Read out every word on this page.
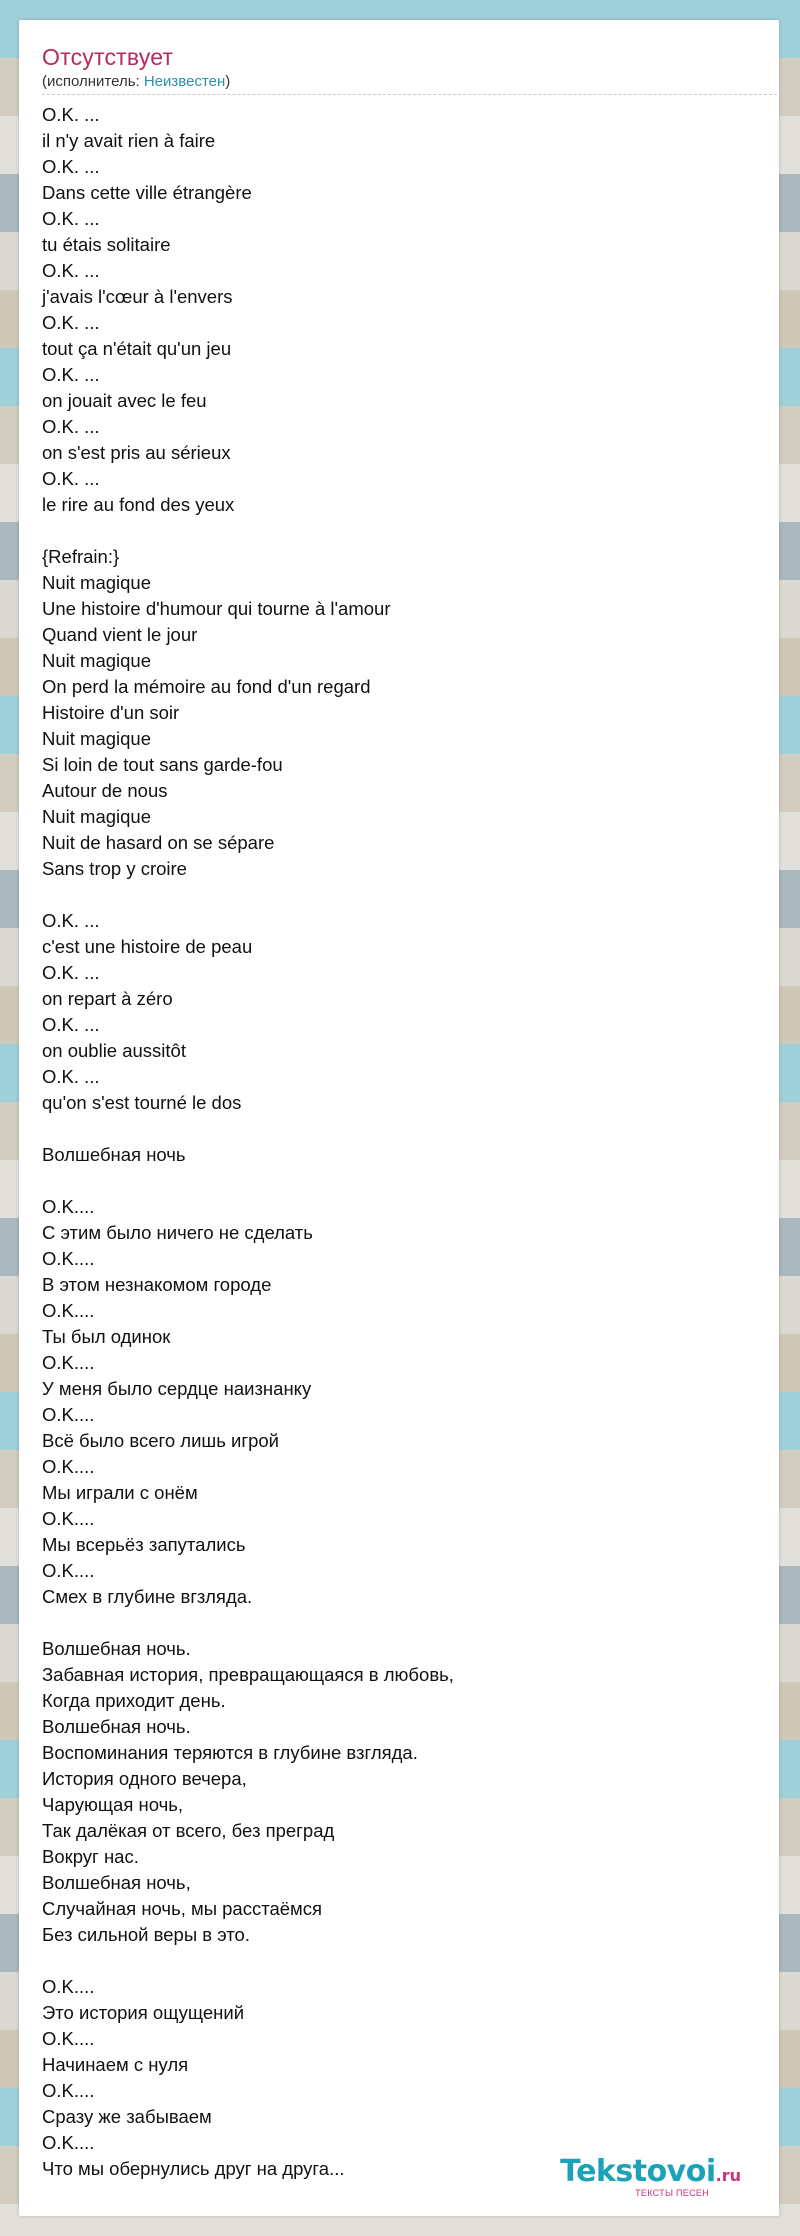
Отсутствует
(исполнитель: Неизвестен)
O.K. ...
il n'y avait rien à faire
O.K. ...
Dans cette ville étrangère
O.K. ...
tu étais solitaire
O.K. ...
j'avais l'cœur à l'envers
O.K. ...
tout ça n'était qu'un jeu
O.K. ...
on jouait avec le feu
O.K. ...
on s'est pris au sérieux
O.K. ...
le rire au fond des yeux

{Refrain:}
Nuit magique
Une histoire d'humour qui tourne à l'amour
Quand vient le jour
Nuit magique
On perd la mémoire au fond d'un regard
Histoire d'un soir
Nuit magique
Si loin de tout sans garde-fou
Autour de nous
Nuit magique
Nuit de hasard on se sépare
Sans trop y croire

O.K. ...
c'est une histoire de peau
O.K. ...
on repart à zéro
O.K. ...
on oublie aussitôt
O.K. ...
qu'on s'est tourné le dos

Волшебная ночь

O.K....
С этим было ничего не сделать
O.K....
В этом незнакомом городе
O.K....
Ты был одинок
O.K....
У меня было сердце наизнанку
O.K....
Всё было всего лишь игрой
O.K....
Мы играли с онём
O.K....
Мы всерьёз запутались
O.K....
Смех в глубине вгзляда.

Волшебная ночь.
Забавная история, превращающаяся в любовь,
Когда приходит день.
Волшебная ночь.
Воспоминания теряются в глубине взгляда.
История одного вечера,
Чарующая ночь,
Так далёкая от всего, без преград
Вокруг нас.
Волшебная ночь,
Случайная ночь, мы расстаёмся
Без сильной веры в это.

O.K....
Это история ощущений
O.K....
Начинаем с нуля
O.K....
Сразу же забываем
O.K....
Что мы обернулись друг на друга...	Tekstovoi.ru
ТЕКСТЫ ПЕСЕН
